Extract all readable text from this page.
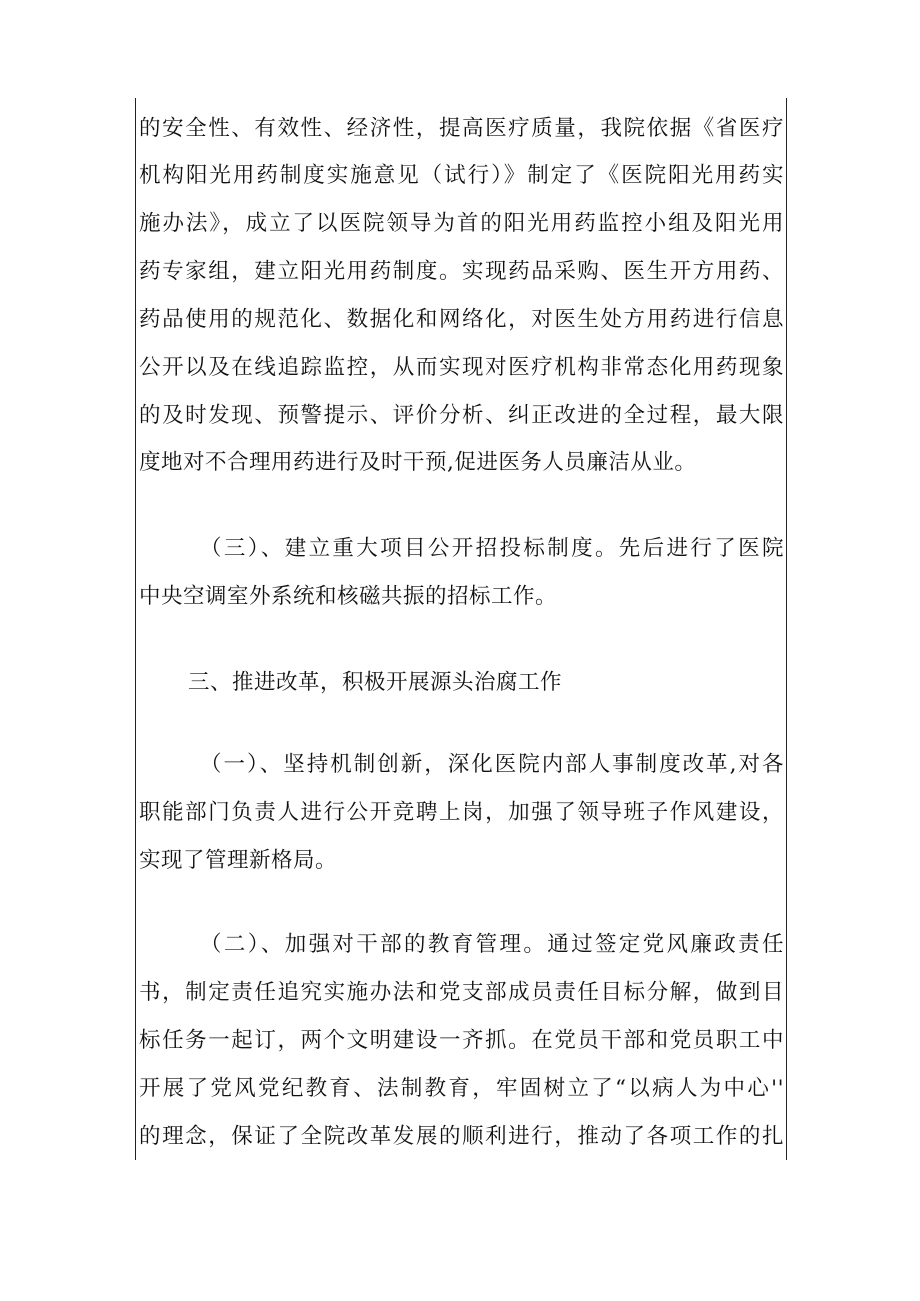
的安全性、有效性、经济性，提高医疗质量，我院依据《省医疗
机构阳光用药制度实施意见（试行）》制定了《医院阳光用药实
施办法》，成立了以医院领导为首的阳光用药监控小组及阳光用
药专家组，建立阳光用药制度。实现药品采购、医生开方用药、
药品使用的规范化、数据化和网络化，对医生处方用药进行信息
公开以及在线追踪监控，从而实现对医疗机构非常态化用药现象
的及时发现、预警提示、评价分析、纠正改进的全过程，最大限
度地对不合理用药进行及时干预,促进医务人员廉洁从业。
（三）、建立重大项目公开招投标制度。先后进行了医院
中央空调室外系统和核磁共振的招标工作。
三、推进改革，积极开展源头治腐工作
（一）、坚持机制创新，深化医院内部人事制度改革,对各
职能部门负责人进行公开竞聘上岗，加强了领导班子作风建设，
实现了管理新格局。
（二）、加强对干部的教育管理。通过签定党风廉政责任
书，制定责任追究实施办法和党支部成员责任目标分解，做到目
标任务一起订，两个文明建设一齐抓。在党员干部和党员职工中
开展了党风党纪教育、法制教育，牢固树立了“以病人为中心''
的理念，保证了全院改革发展的顺利进行，推动了各项工作的扎
